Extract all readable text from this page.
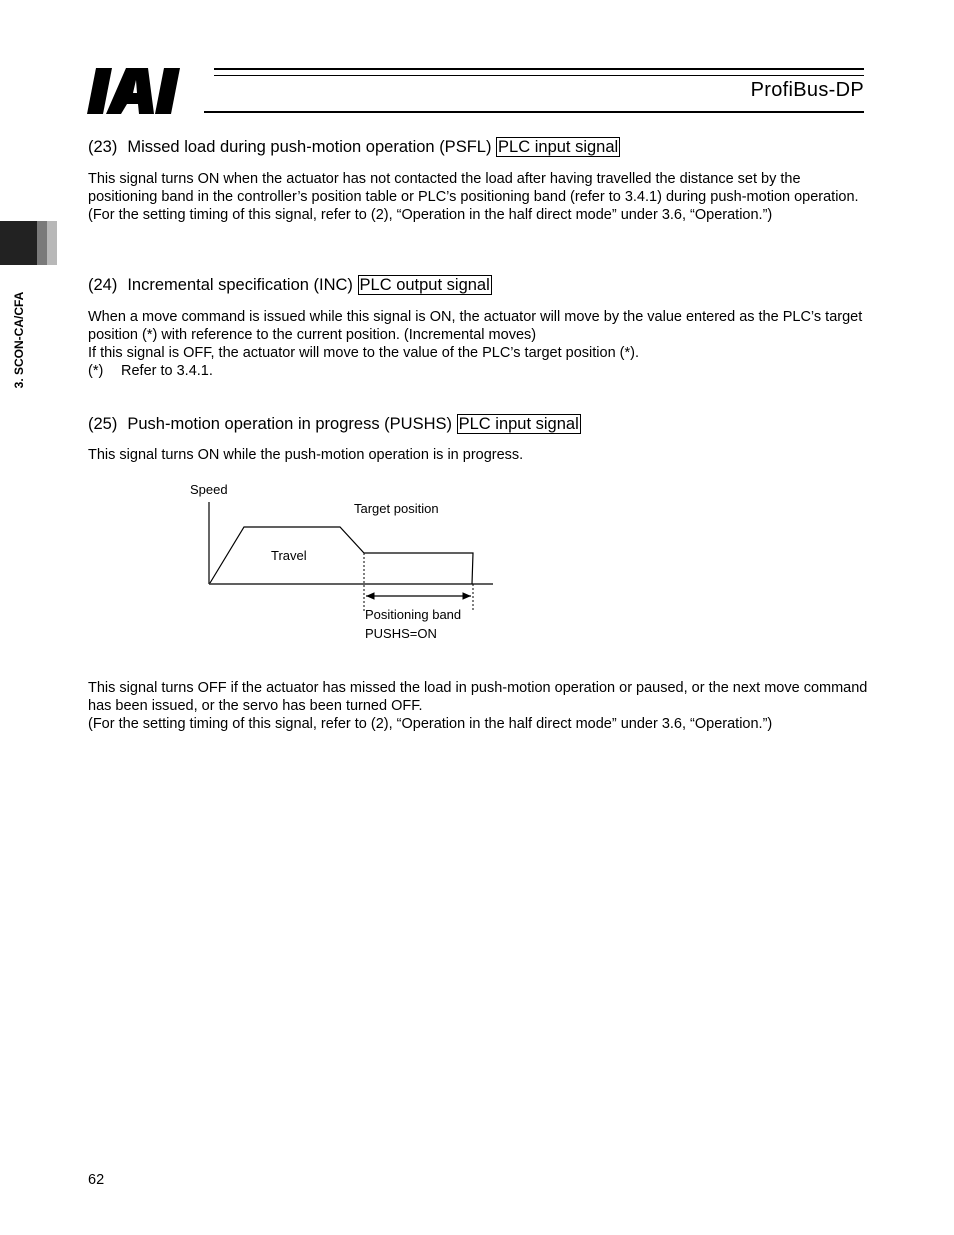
ProfiBus-DP
3. SCON-CA/CFA
(23) Missed load during push-motion operation (PSFL) PLC input signal

This signal turns ON when the actuator has not contacted the load after having travelled the distance set by the positioning band in the controller’s position table or PLC’s positioning band (refer to 3.4.1) during push-motion operation.

(For the setting timing of this signal, refer to (2), “Operation in the half direct mode” under 3.6, “Operation.”)

(24) Incremental specification (INC) PLC output signal

When a move command is issued while this signal is ON, the actuator will move by the value entered as the PLC’s target position (*) with reference to the current position. (Incremental moves)

If this signal is OFF, the actuator will move to the value of the PLC’s target position (*).

(*) Refer to 3.4.1.

(25) Push-motion operation in progress (PUSHS) PLC input signal

This signal turns ON while the push-motion operation is in progress.

Speed
Target position
Travel
Positioning band
PUSHS=ON

This signal turns OFF if the actuator has missed the load in push-motion operation or paused, or the next move command has been issued, or the servo has been turned OFF.

(For the setting timing of this signal, refer to (2), “Operation in the half direct mode” under 3.6, “Operation.”)

62
